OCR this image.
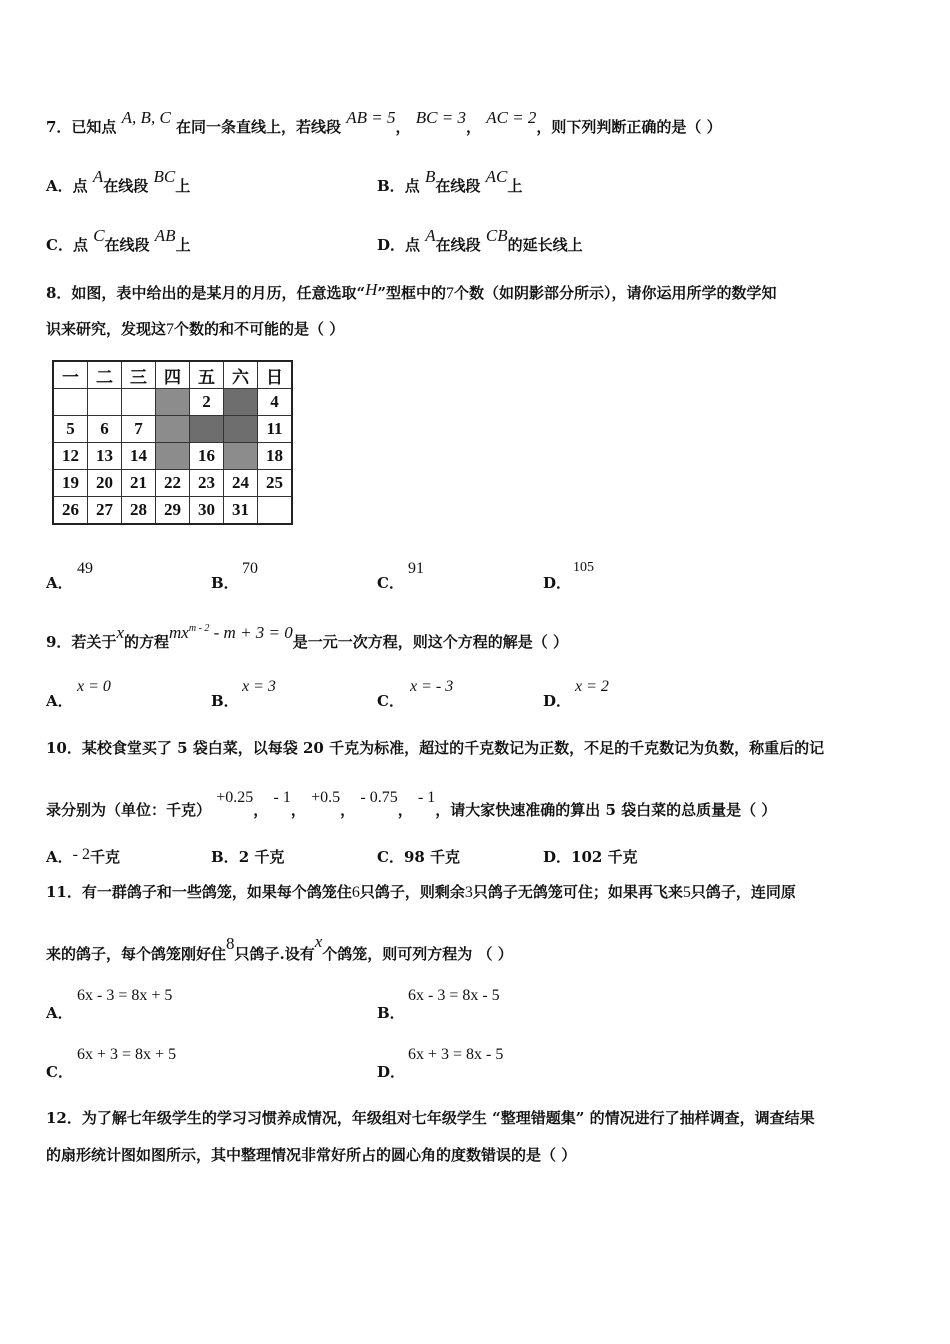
7．已知点 A, B, C 在同一条直线上，若线段 AB = 5， BC = 3， AC = 2，则下列判断正确的是（ ）
A．点 A在线段 BC上	B．点 B在线段 AC上
C．点 C在线段 AB上	D．点 A在线段 CB的延长线上
8．如图，表中给出的是某月的月历，任意选取“H”型框中的7个数（如阴影部分所示），请你运用所学的数学知
识来研究，发现这7个数的和不可能的是（ ）
一	二	三	四	五	六	日
				2		4
5	6	7				11
12	13	14		16		18
19	20	21	22	23	24	25
26	27	28	29	30	31	
A．
49
B．
70
C．
91
D．
105
9．若关于x的方程$mx^{m - 2} - m + 3 = 0$是一元一次方程，则这个方程的解是（ ）
A．
x = 0
B．
x = 3
C．
x = - 3
D．
x = 2
10．某校食堂买了 5 袋白菜，以每袋 20 千克为标准，超过的千克数记为正数，不足的千克数记为负数，称重后的记
录分别为（单位：千克） +0.25， - 1， +0.5， - 0.75， - 1，请大家快速准确的算出 5 袋白菜的总质量是（ ）
A．- 2千克	B．2 千克	C．98 千克	D．102 千克
11．有一群鸽子和一些鸽笼，如果每个鸽笼住6只鸽子，则剩余3只鸽子无鸽笼可住；如果再飞来5只鸽子，连同原
来的鸽子，每个鸽笼刚好住8只鸽子.设有x个鸽笼，则可列方程为 （ ）
A．
6x - 3 = 8x + 5
B．
6x - 3 = 8x - 5
C．
6x + 3 = 8x + 5
D．
6x + 3 = 8x - 5
12．为了解七年级学生的学习习惯养成情况，年级组对七年级学生 “整理错题集” 的情况进行了抽样调查，调查结果
的扇形统计图如图所示，其中整理情况非常好所占的圆心角的度数错误的是（ ）
